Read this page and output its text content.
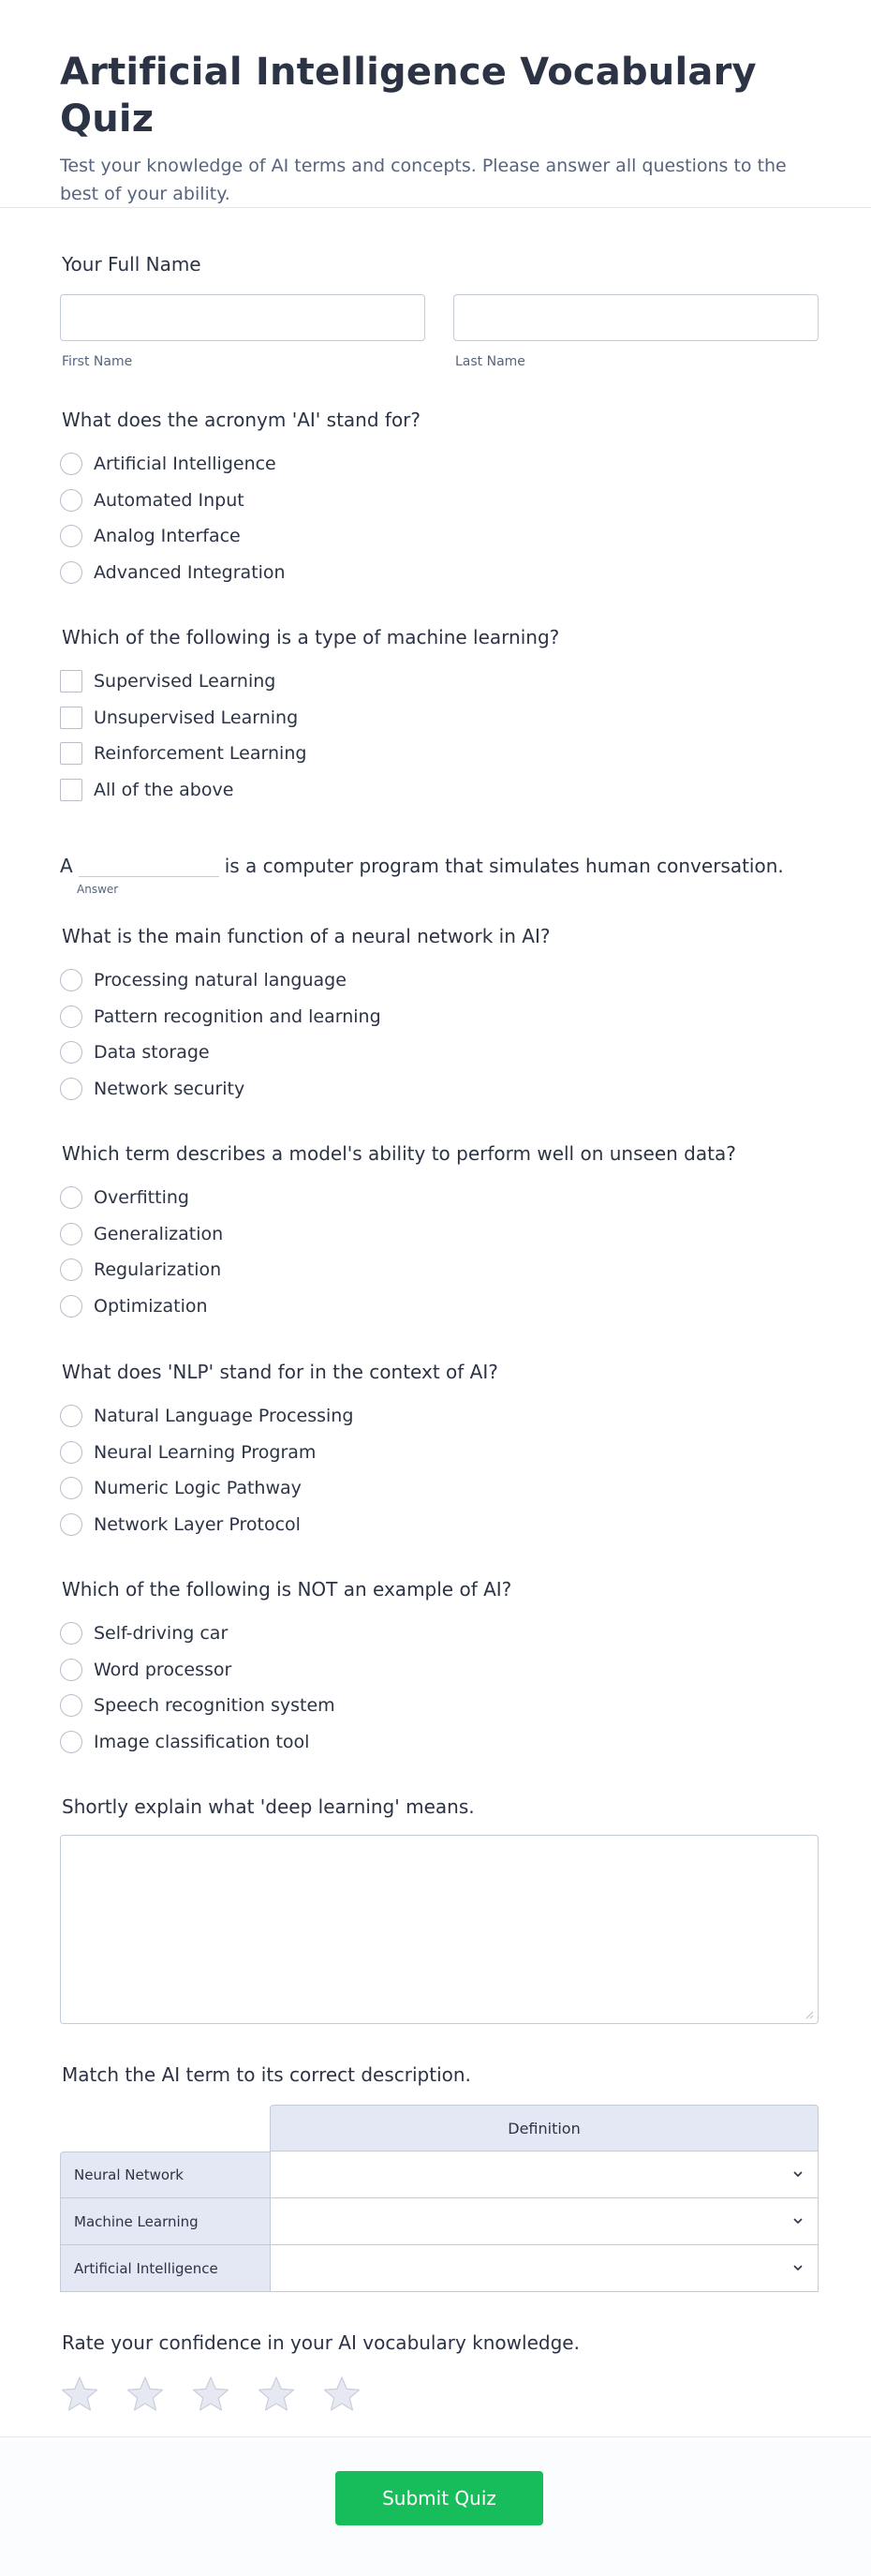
Artificial Intelligence Vocabulary Quiz

Test your knowledge of AI terms and concepts. Please answer all questions to the best of your ability.

Your Full Name
First Name	Last Name
What does the acronym 'AI' stand for?
Artificial Intelligence
Automated Input
Analog Interface
Advanced Integration
Which of the following is a type of machine learning?
Supervised Learning
Unsupervised Learning
Reinforcement Learning
All of the above
A	is a computer program that simulates human conversation.
Answer
What is the main function of a neural network in AI?
Processing natural language
Pattern recognition and learning
Data storage
Network security
Which term describes a model's ability to perform well on unseen data?
Overfitting
Generalization
Regularization
Optimization
What does 'NLP' stand for in the context of AI?
Natural Language Processing
Neural Learning Program
Numeric Logic Pathway
Network Layer Protocol
Which of the following is NOT an example of AI?
Self-driving car
Word processor
Speech recognition system
Image classification tool
Shortly explain what 'deep learning' means.
Match the AI term to its correct description.
	Definition
Neural Network	

Machine Learning	

Artificial Intelligence	
Rate your confidence in your AI vocabulary knowledge.
Submit Quiz
